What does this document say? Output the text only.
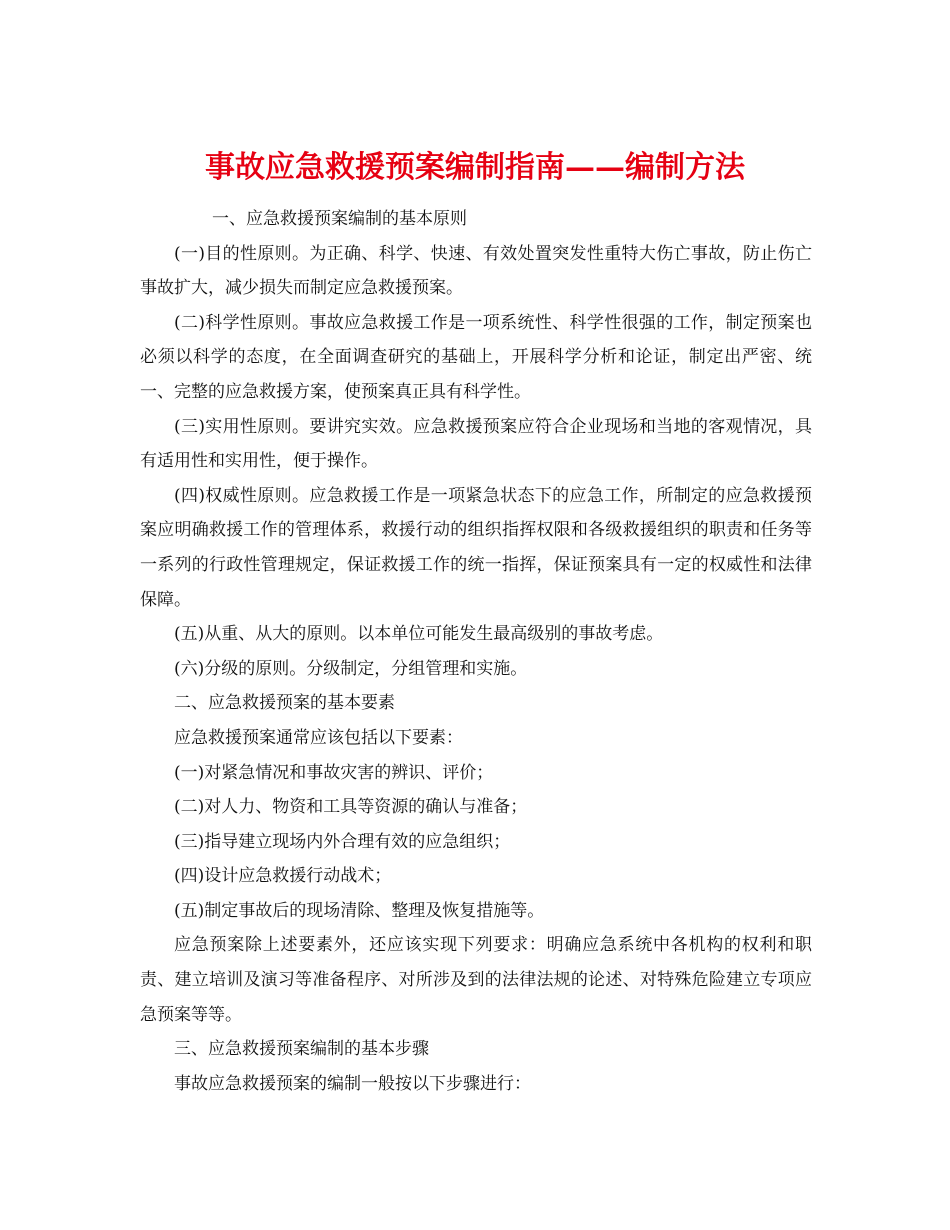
事故应急救援预案编制指南——编制方法

一、应急救援预案编制的基本原则

(一)目的性原则。为正确、科学、快速、有效处置突发性重特大伤亡事故，防止伤亡事故扩大，减少损失而制定应急救援预案。

(二)科学性原则。事故应急救援工作是一项系统性、科学性很强的工作，制定预案也必须以科学的态度，在全面调查研究的基础上，开展科学分析和论证，制定出严密、统一、完整的应急救援方案，使预案真正具有科学性。

(三)实用性原则。要讲究实效。应急救援预案应符合企业现场和当地的客观情况，具有适用性和实用性，便于操作。

(四)权威性原则。应急救援工作是一项紧急状态下的应急工作，所制定的应急救援预案应明确救援工作的管理体系，救援行动的组织指挥权限和各级救援组织的职责和任务等一系列的行政性管理规定，保证救援工作的统一指挥，保证预案具有一定的权威性和法律保障。

(五)从重、从大的原则。以本单位可能发生最高级别的事故考虑。

(六)分级的原则。分级制定，分组管理和实施。

二、应急救援预案的基本要素

应急救援预案通常应该包括以下要素：

(一)对紧急情况和事故灾害的辨识、评价；

(二)对人力、物资和工具等资源的确认与准备；

(三)指导建立现场内外合理有效的应急组织；

(四)设计应急救援行动战术；

(五)制定事故后的现场清除、整理及恢复措施等。

应急预案除上述要素外，还应该实现下列要求：明确应急系统中各机构的权利和职责、建立培训及演习等准备程序、对所涉及到的法律法规的论述、对特殊危险建立专项应急预案等等。

三、应急救援预案编制的基本步骤

事故应急救援预案的编制一般按以下步骤进行：
